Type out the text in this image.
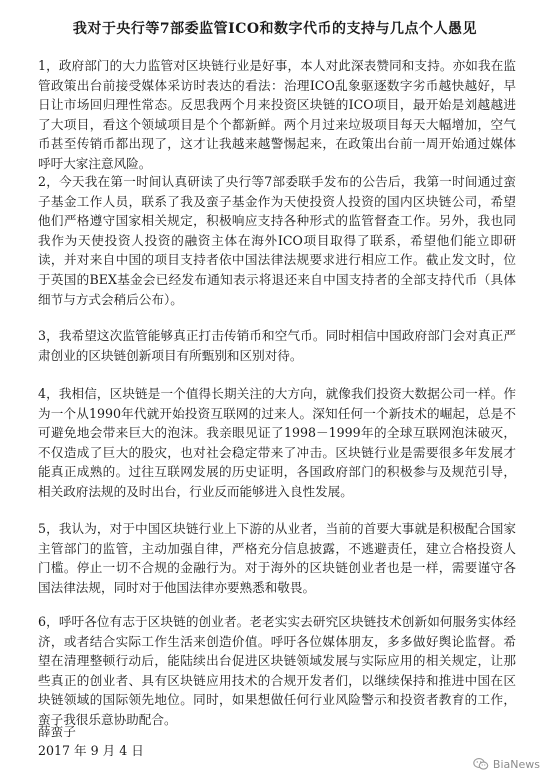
我对于央行等7部委监管ICO和数字代币的支持与几点个人愚见

1，政府部门的大力监管对区块链行业是好事，本人对此深表赞同和支持。亦如我在监管政策出台前接受媒体采访时表达的看法：治理ICO乱象驱逐数字劣币越快越好，早日让市场回归理性常态。反思我两个月来投资区块链的ICO项目，最开始是刘越越进了大项目，看这个领域项目是个个都新鲜。两个月过来垃圾项目每天大幅增加，空气币甚至传销币都出现了，这才让我越来越警惕起来，在政策出台前一周开始通过媒体呼吁大家注意风险。

2，今天我在第一时间认真研读了央行等7部委联手发布的公告后，我第一时间通过蛮子基金工作人员，联系了我及蛮子基金作为天使投资人投资的国内区块链公司，希望他们严格遵守国家相关规定，积极响应支持各种形式的监管督查工作。另外，我也同我作为天使投资人投资的融资主体在海外ICO项目取得了联系，希望他们能立即研读，并对来自中国的项目支持者依中国法律法规要求进行相应工作。截止发文时，位于英国的BEX基金会已经发布通知表示将退还来自中国支持者的全部支持代币（具体细节与方式会稍后公布）。

3，我希望这次监管能够真正打击传销币和空气币。同时相信中国政府部门会对真正严肃创业的区块链创新项目有所甄别和区别对待。

4，我相信，区块链是一个值得长期关注的大方向，就像我们投资大数据公司一样。作为一个从1990年代就开始投资互联网的过来人。深知任何一个新技术的崛起，总是不可避免地会带来巨大的泡沫。我亲眼见证了1998－1999年的全球互联网泡沫破灭，不仅造成了巨大的股灾，也对社会稳定带来了冲击。区块链行业是需要很多年发展才能真正成熟的。过往互联网发展的历史证明，各国政府部门的积极参与及规范引导，相关政府法规的及时出台，行业反而能够进入良性发展。

5，我认为，对于中国区块链行业上下游的从业者，当前的首要大事就是积极配合国家主管部门的监管，主动加强自律，严格充分信息披露，不逃避责任，建立合格投资人门槛。停止一切不合规的金融行为。对于海外的区块链创业者也是一样，需要谨守各国法律法规，同时对于他国法律亦要熟悉和敬畏。

6，呼吁各位有志于区块链的创业者。老老实实去研究区块链技术创新如何服务实体经济，或者结合实际工作生活来创造价值。呼吁各位媒体朋友，多多做好舆论监督。希望在清理整顿行动后，能陆续出台促进区块链领域发展与实际应用的相关规定，让那些真正的创业者、具有区块链应用技术的合规开发者们，以继续保持和推进中国在区块链领域的国际领先地位。同时，如果想做任何行业风险警示和投资者教育的工作，蛮子我很乐意协助配合。

薛蛮子
2017 年 9 月 4 日
BiaNews
